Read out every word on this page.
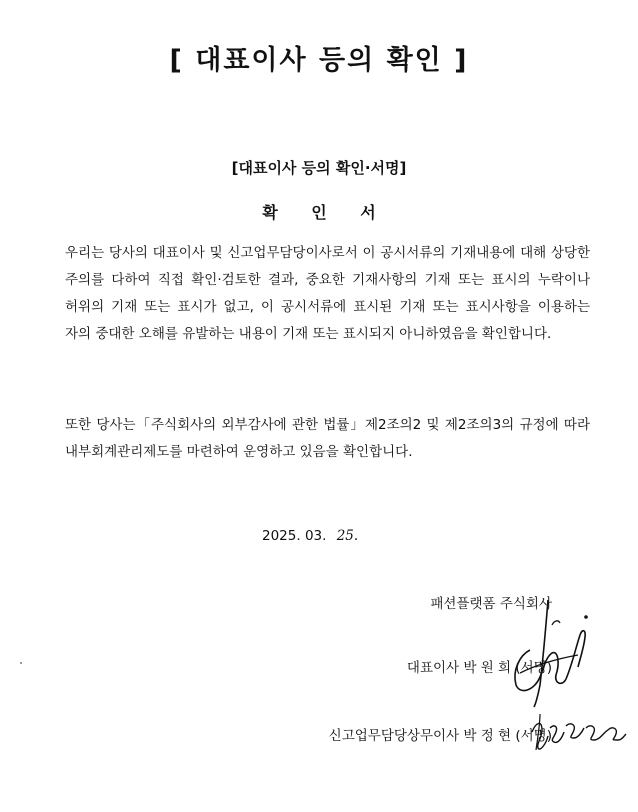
[ 대표이사 등의 확인 ]
[대표이사 등의 확인·서명]
확 인 서
우리는 당사의 대표이사 및 신고업무담당이사로서 이 공시서류의 기재내용에 대해 상당한 주의를 다하여 직접 확인·검토한 결과, 중요한 기재사항의 기재 또는 표시의 누락이나 허위의 기재 또는 표시가 없고, 이 공시서류에 표시된 기재 또는 표시사항을 이용하는 자의 중대한 오해를 유발하는 내용이 기재 또는 표시되지 아니하였음을 확인합니다.
또한 당사는「주식회사의 외부감사에 관한 법률」제2조의2 및 제2조의3의 규정에 따라 내부회계관리제도를 마련하여 운영하고 있음을 확인합니다.
2025. 03. 25.
패션플랫폼 주식회사
대표이사 박 원 희 (서명)
신고업무담당상무이사 박 정 현 (서명)
